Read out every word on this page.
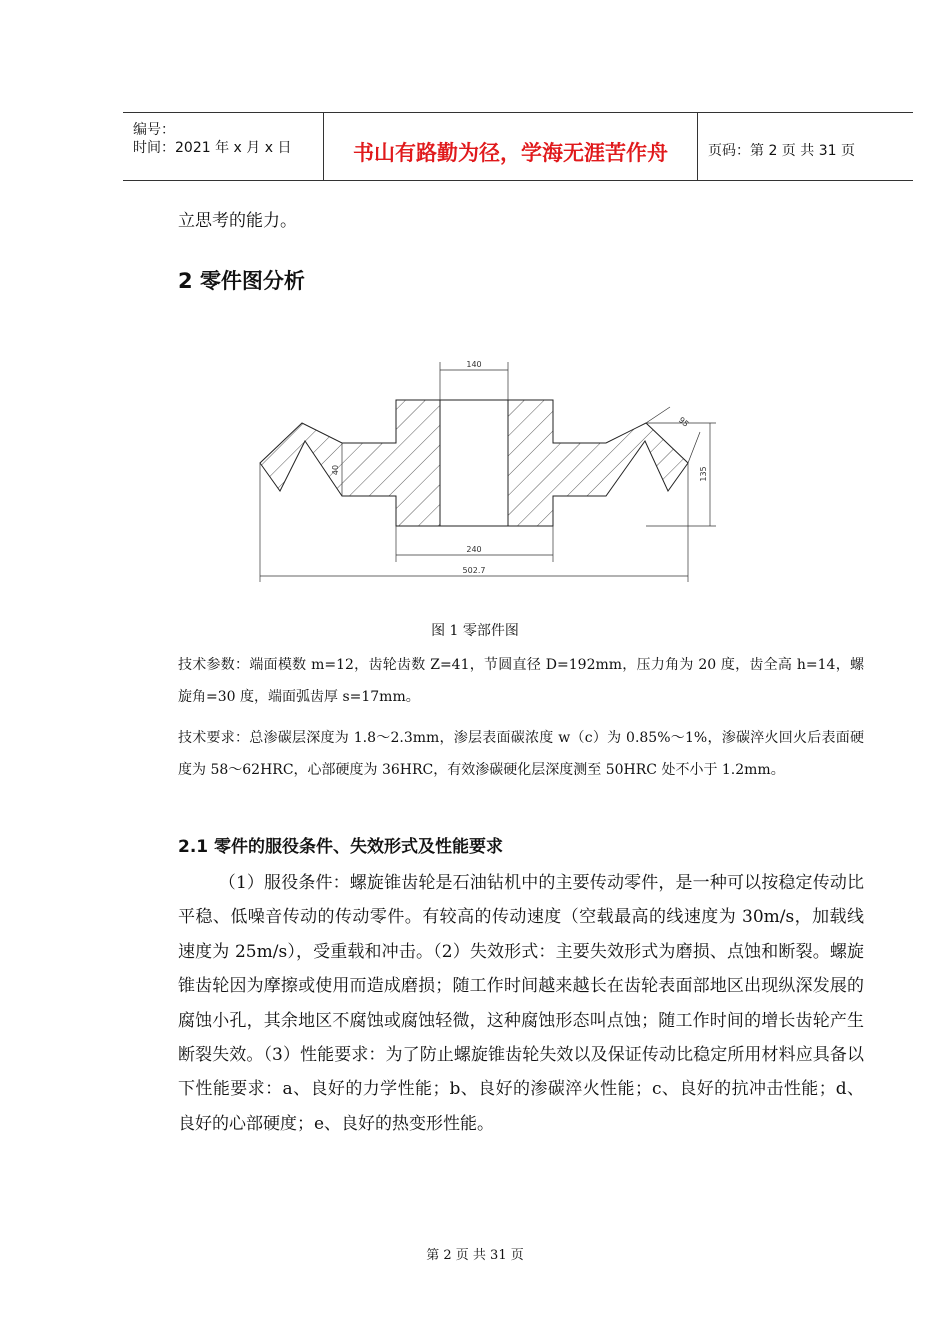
编号：
时间：2021 年 x 月 x 日	书山有路勤为径，学海无涯苦作舟	页码：第 2 页 共 31 页

立思考的能力。

2 零件图分析
140
240
502.7
40	135
95
图 1 零部件图

技术参数：端面模数 m=12，齿轮齿数 Z=41，节圆直径 D=192mm，压力角为 20 度，齿全高 h=14，螺旋角=30 度，端面弧齿厚 s=17mm。

技术要求：总渗碳层深度为 1.8～2.3mm，渗层表面碳浓度 w（c）为 0.85%～1%，渗碳淬火回火后表面硬度为 58～62HRC，心部硬度为 36HRC，有效渗碳硬化层深度测至 50HRC 处不小于 1.2mm。

2.1 零件的服役条件、失效形式及性能要求

（1）服役条件：螺旋锥齿轮是石油钻机中的主要传动零件，是一种可以按稳定传动比平稳、低噪音传动的传动零件。有较高的传动速度（空载最高的线速度为 30m/s，加载线速度为 25m/s），受重载和冲击。（2）失效形式：主要失效形式为磨损、点蚀和断裂。螺旋锥齿轮因为摩擦或使用而造成磨损；随工作时间越来越长在齿轮表面部地区出现纵深发展的腐蚀小孔，其余地区不腐蚀或腐蚀轻微，这种腐蚀形态叫点蚀；随工作时间的增长齿轮产生断裂失效。（3）性能要求：为了防止螺旋锥齿轮失效以及保证传动比稳定所用材料应具备以下性能要求：a、良好的力学性能；b、良好的渗碳淬火性能；c、良好的抗冲击性能；d、良好的心部硬度；e、良好的热变形性能。

第 2 页 共 31 页
